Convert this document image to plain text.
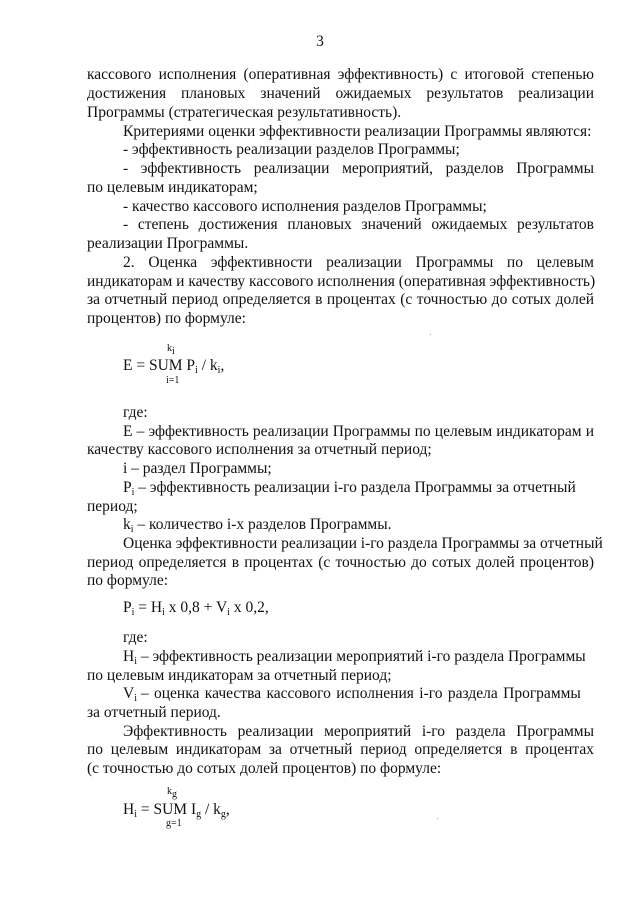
3
кассового исполнения (оперативная эффективность) с итоговой степенью
достижения плановых значений ожидаемых результатов реализации
Программы (стратегическая результативность).
Критериями оценки эффективности реализации Программы являются:
- эффективность реализации разделов Программы;
- эффективность реализации мероприятий, разделов Программы
по целевым индикаторам;
- качество кассового исполнения разделов Программы;
- степень достижения плановых значений ожидаемых результатов
реализации Программы.
2. Оценка эффективности реализации Программы по целевым
индикаторам и качеству кассового исполнения (оперативная эффективность)
за отчетный период определяется в процентах (с точностью до сотых долей
процентов) по формуле:
$k_i$
E = SUM $P_i / k_i$,
i=1
где:
E – эффективность реализации Программы по целевым индикаторам и
качеству кассового исполнения за отчетный период;
i – раздел Программы;
$P_i$ – эффективность реализации i-го раздела Программы за отчетный
период;
$k_i$ – количество i-х разделов Программы.
Оценка эффективности реализации i-го раздела Программы за отчетный
период определяется в процентах (с точностью до сотых долей процентов)
по формуле:
$P_i = H_i$ x $0,8 + V_i$ x 0,2,
где:
$H_i$ – эффективность реализации мероприятий i-го раздела Программы
по целевым индикаторам за отчетный период;
$V_i$ – оценка качества кассового исполнения i-го раздела Программы
за отчетный период.
Эффективность реализации мероприятий i-го раздела Программы
по целевым индикаторам за отчетный период определяется в процентах
(с точностью до сотых долей процентов) по формуле:
$k_g$
$H_i$ = SUM $I_g / k_g$,
g=1
